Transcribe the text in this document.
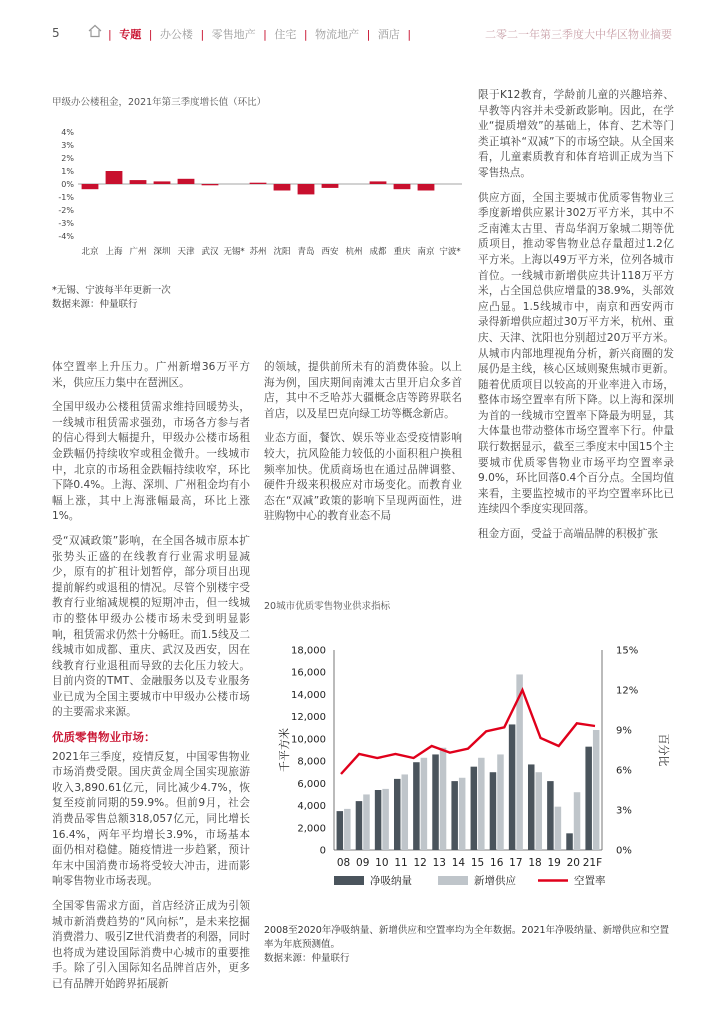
5	| 专题 | 办公楼 | 零售地产 | 住宅 | 物流地产 | 酒店 |	二零二一年第三季度大中华区物业摘要
甲级办公楼租金，2021年第三季度增长值（环比）
4%
3%
2%
1%
0%
-1%
-2%
-3%
-4%
北京 上海 广州 深圳 天津 武汉 无锡* 苏州 沈阳 青岛 西安 杭州 成都 重庆 南京 宁波*
*无锡、宁波每半年更新一次
数据来源：仲量联行

限于K12教育，学龄前儿童的兴趣培养、早教等内容并未受新政影响。因此，在学业“提质增效”的基础上，体育、艺术等门类正填补“双减”下的市场空缺。从全国来看，儿童素质教育和体育培训正成为当下零售热点。

供应方面，全国主要城市优质零售物业三季度新增供应累计302万平方米，其中不乏南滩太古里、青岛华润万象城二期等优质项目，推动零售物业总存量超过1.2亿平方米。上海以49万平方米，位列各城市首位。一线城市新增供应共计118万平方米，占全国总供应增量的38.9%，头部效应凸显。1.5线城市中，南京和西安两市录得新增供应超过30万平方米，杭州、重庆、天津、沈阳也分别超过20万平方米。从城市内部地理视角分析，新兴商圈的发展仍是主线，核心区域则聚焦城市更新。随着优质项目以较高的开业率进入市场，整体市场空置率有所下降。以上海和深圳为首的一线城市空置率下降最为明显，其大体量也带动整体市场空置率下行。仲量联行数据显示，截至三季度末中国15个主要城市优质零售物业市场平均空置率录9.0%，环比回落0.4个百分点。全国均值来看，主要监控城市的平均空置率环比已连续四个季度实现回落。

租金方面，受益于高端品牌的积极扩张

体空置率上升压力。广州新增36万平方米，供应压力集中在琶洲区。

全国甲级办公楼租赁需求维持回暖势头，一线城市租赁需求强劲，市场各方参与者的信心得到大幅提升，甲级办公楼市场租金跌幅仍持续收窄或租金微升。一线城市中，北京的市场租金跌幅持续收窄，环比下降0.4%。上海、深圳、广州租金均有小幅上涨，其中上海涨幅最高，环比上涨1%。

受“双减政策”影响，在全国各城市原本扩张势头正盛的在线教育行业需求明显减少，原有的扩租计划暂停，部分项目出现提前解约或退租的情况。尽管个别楼宇受教育行业缩减规模的短期冲击，但一线城市的整体甲级办公楼市场未受到明显影响，租赁需求仍然十分畅旺。而1.5线及二线城市如成都、重庆、武汉及西安，因在线教育行业退租而导致的去化压力较大。目前内资的TMT、金融服务以及专业服务业已成为全国主要城市中甲级办公楼市场的主要需求来源。

优质零售物业市场：

2021年三季度，疫情反复，中国零售物业市场消费受限。国庆黄金周全国实现旅游收入3,890.61亿元，同比减少4.7%，恢复至疫前同期的59.9%。但前9月，社会消费品零售总额318,057亿元，同比增长16.4%，两年平均增长3.9%，市场基本面仍相对稳健。随疫情进一步趋紧，预计年末中国消费市场将受较大冲击，进而影响零售物业市场表现。

全国零售需求方面，首店经济正成为引领城市新消费趋势的“风向标”，是未来挖掘消费潜力、吸引Z世代消费者的利器，同时也将成为建设国际消费中心城市的重要推手。除了引入国际知名品牌首店外，更多已有品牌开始跨界拓展新

的领域，提供前所未有的消费体验。以上海为例，国庆期间南滩太古里开启众多首店，其中不乏哈苏大疆概念店等跨界联名首店，以及星巴克向绿工坊等概念新店。

业态方面，餐饮、娱乐等业态受疫情影响较大，抗风险能力较低的小面积租户换租频率加快。优质商场也在通过品牌调整、硬件升级来积极应对市场变化。而教育业态在“双减”政策的影响下呈现两面性，进驻购物中心的教育业态不局

20城市优质零售物业供求指标
18,000
16,000
14,000
12,000
10,000
8,000
6,000
4,000
2,000
0
15%
12%
9%
6%
3%
0%
千平方米	百分比
08 09 10 11 12 13 14 15 16 17 18 19 20 21F
净吸纳量	新增供应	空置率
2008至2020年净吸纳量、新增供应和空置率均为全年数据。2021年净吸纳量、新增供应和空置率为年底预测值。
数据来源：仲量联行
